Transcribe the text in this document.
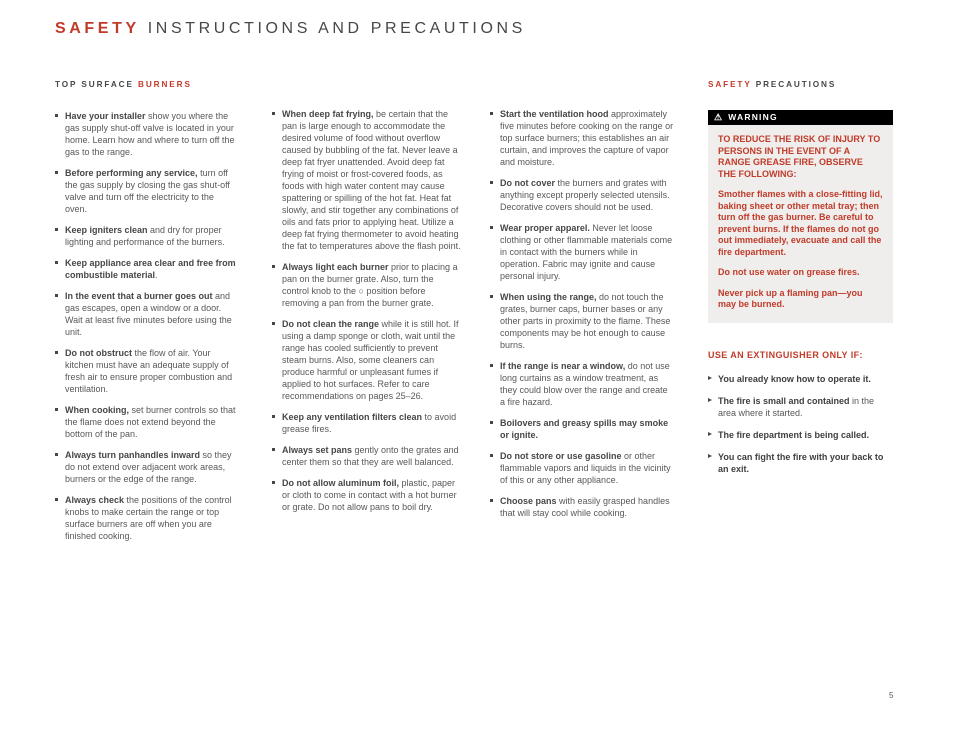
SAFETY INSTRUCTIONS AND PRECAUTIONS
TOP SURFACE BURNERS

Have your installer show you where the gas supply shut-off valve is located in your home. Learn how and where to turn off the gas to the range.

Before performing any service, turn off the gas supply by closing the gas shut-off valve and turn off the electricity to the oven.

Keep igniters clean and dry for proper lighting and performance of the burners.

Keep appliance area clear and free from combustible material.

In the event that a burner goes out and gas escapes, open a window or a door. Wait at least five minutes before using the unit.

Do not obstruct the flow of air. Your kitchen must have an adequate supply of fresh air to ensure proper combustion and ventilation.

When cooking, set burner controls so that the flame does not extend beyond the bottom of the pan.

Always turn panhandles inward so they do not extend over adjacent work areas, burners or the edge of the range.

Always check the positions of the control knobs to make certain the range or top surface burners are off when you are finished cooking.

When deep fat frying, be certain that the pan is large enough to accommodate the desired volume of food without overflow caused by bubbling of the fat. Never leave a deep fat fryer unattended. Avoid deep fat frying of moist or frost-covered foods, as foods with high water content may cause spattering or spilling of the hot fat. Heat fat slowly, and stir together any combinations of oils and fats prior to applying heat. Utilize a deep fat frying thermometer to avoid heating the fat to temperatures above the flash point.

Always light each burner prior to placing a pan on the burner grate. Also, turn the control knob to the ○ position before removing a pan from the burner grate.

Do not clean the range while it is still hot. If using a damp sponge or cloth, wait until the range has cooled sufficiently to prevent steam burns. Also, some cleaners can produce harmful or unpleasant fumes if applied to hot surfaces. Refer to care recommendations on pages 25–26.

Keep any ventilation filters clean to avoid grease fires.

Always set pans gently onto the grates and center them so that they are well balanced.

Do not allow aluminum foil, plastic, paper or cloth to come in contact with a hot burner or grate. Do not allow pans to boil dry.

Start the ventilation hood approximately five minutes before cooking on the range or top surface burners; this establishes an air curtain, and improves the capture of vapor and moisture.

Do not cover the burners and grates with anything except properly selected utensils. Decorative covers should not be used.

Wear proper apparel. Never let loose clothing or other flammable materials come in contact with the burners while in operation. Fabric may ignite and cause personal injury.

When using the range, do not touch the grates, burner caps, burner bases or any other parts in proximity to the flame. These components may be hot enough to cause burns.

If the range is near a window, do not use long curtains as a window treatment, as they could blow over the range and create a fire hazard.

Boilovers and greasy spills may smoke or ignite.

Do not store or use gasoline or other flammable vapors and liquids in the vicinity of this or any other appliance.

Choose pans with easily grasped handles that will stay cool while cooking.

SAFETY PRECAUTIONS
⚠ WARNING

TO REDUCE THE RISK OF INJURY TO PERSONS IN THE EVENT OF A RANGE GREASE FIRE, OBSERVE THE FOLLOWING:

Smother flames with a close-fitting lid, baking sheet or other metal tray; then turn off the gas burner. Be careful to prevent burns. If the flames do not go out immediately, evacuate and call the fire department.

Do not use water on grease fires.

Never pick up a flaming pan—you may be burned.

USE AN EXTINGUISHER ONLY IF:

You already know how to operate it.

The fire is small and contained in the area where it started.

The fire department is being called.

You can fight the fire with your back to an exit.

5
